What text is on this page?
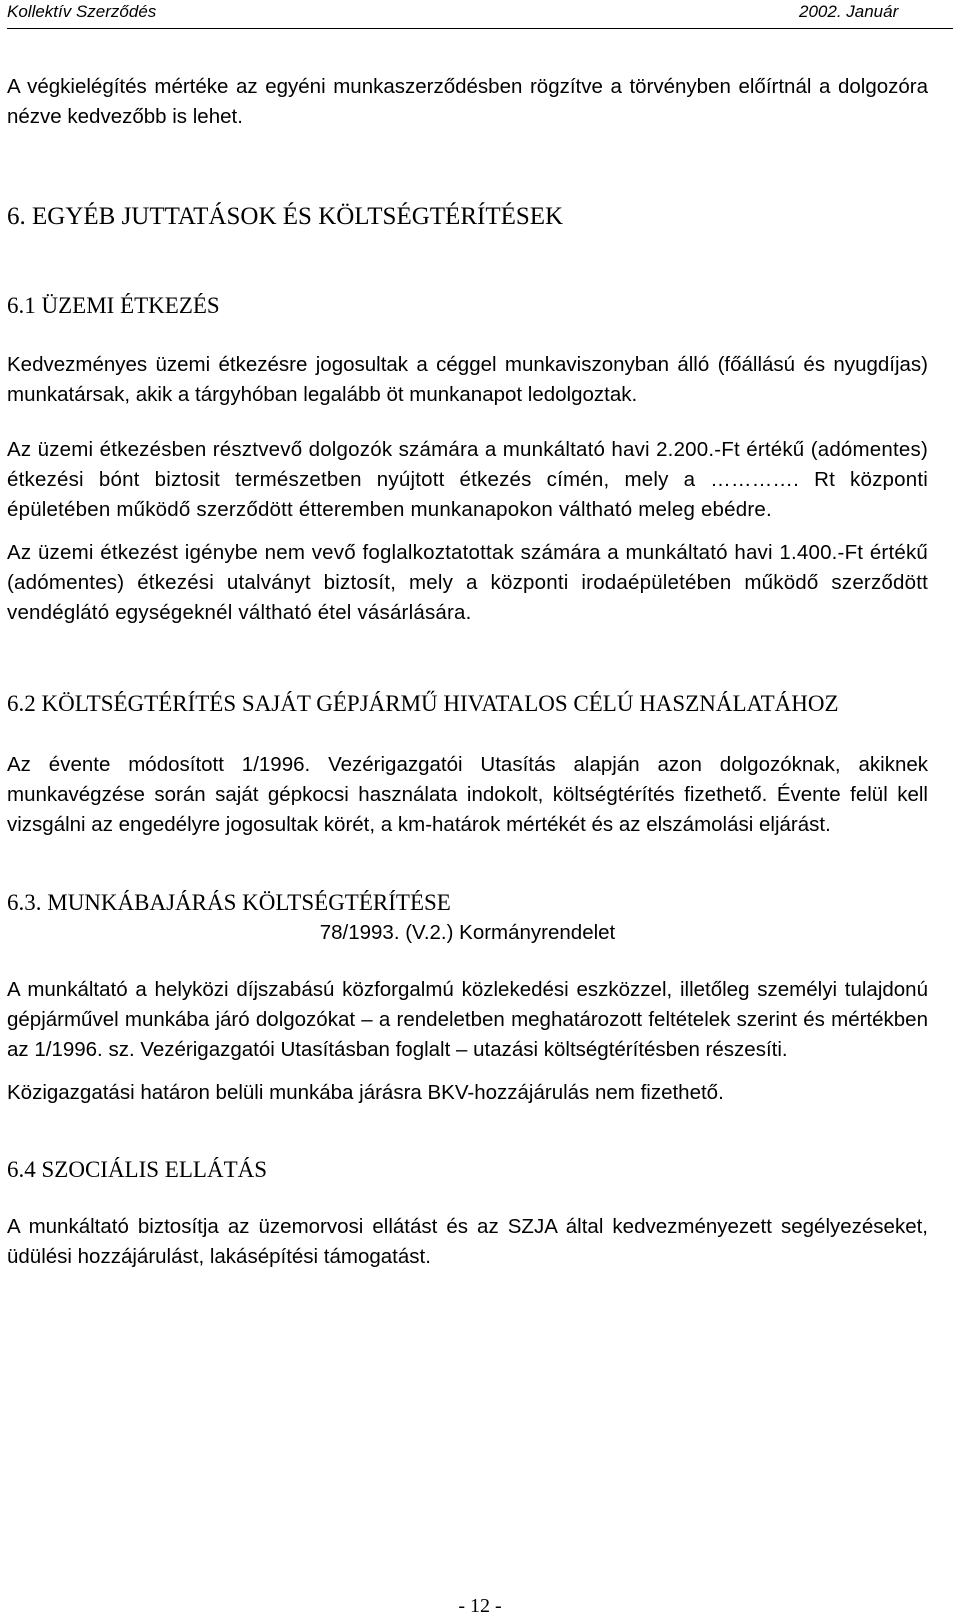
Kollektív Szerződés	2002. Január

A végkielégítés mértéke az egyéni munkaszerződésben rögzítve a törvényben előírtnál a dolgozóra nézve kedvezőbb is lehet.

6. EGYÉB JUTTATÁSOK ÉS KÖLTSÉGTÉRÍTÉSEK

6.1 ÜZEMI ÉTKEZÉS

Kedvezményes üzemi étkezésre jogosultak a céggel munkaviszonyban álló (főállású és nyugdíjas) munkatársak, akik a tárgyhóban legalább öt munkanapot ledolgoztak.

Az üzemi étkezésben résztvevő dolgozók számára a munkáltató havi 2.200.-Ft értékű (adómentes) étkezési bónt biztosit természetben nyújtott étkezés címén, mely a …………. Rt központi épületében működő szerződött étteremben munkanapokon váltható meleg ebédre.

Az üzemi étkezést igénybe nem vevő foglalkoztatottak számára a munkáltató havi 1.400.-Ft értékű (adómentes) étkezési utalványt biztosít, mely a központi irodaépületében működő szerződött vendéglátó egységeknél váltható étel vásárlására.

6.2 KÖLTSÉGTÉRÍTÉS SAJÁT GÉPJÁRMŰ HIVATALOS CÉLÚ HASZNÁLATÁHOZ

Az évente módosított 1/1996. Vezérigazgatói Utasítás alapján azon dolgozóknak, akiknek munkavégzése során saját gépkocsi használata indokolt, költségtérítés fizethető. Évente felül kell vizsgálni az engedélyre jogosultak körét, a km-határok mértékét és az elszámolási eljárást.

6.3. MUNKÁBAJÁRÁS KÖLTSÉGTÉRÍTÉSE

78/1993. (V.2.) Kormányrendelet

A munkáltató a helyközi díjszabású közforgalmú közlekedési eszközzel, illetőleg személyi tulajdonú gépjárművel munkába járó dolgozókat – a rendeletben meghatározott feltételek szerint és mértékben az 1/1996. sz. Vezérigazgatói Utasításban foglalt – utazási költségtérítésben részesíti.

Közigazgatási határon belüli munkába járásra BKV-hozzájárulás nem fizethető.

6.4 SZOCIÁLIS ELLÁTÁS

A munkáltató biztosítja az üzemorvosi ellátást és az SZJA által kedvezményezett segélyezéseket, üdülési hozzájárulást, lakásépítési támogatást.

- 12 -
